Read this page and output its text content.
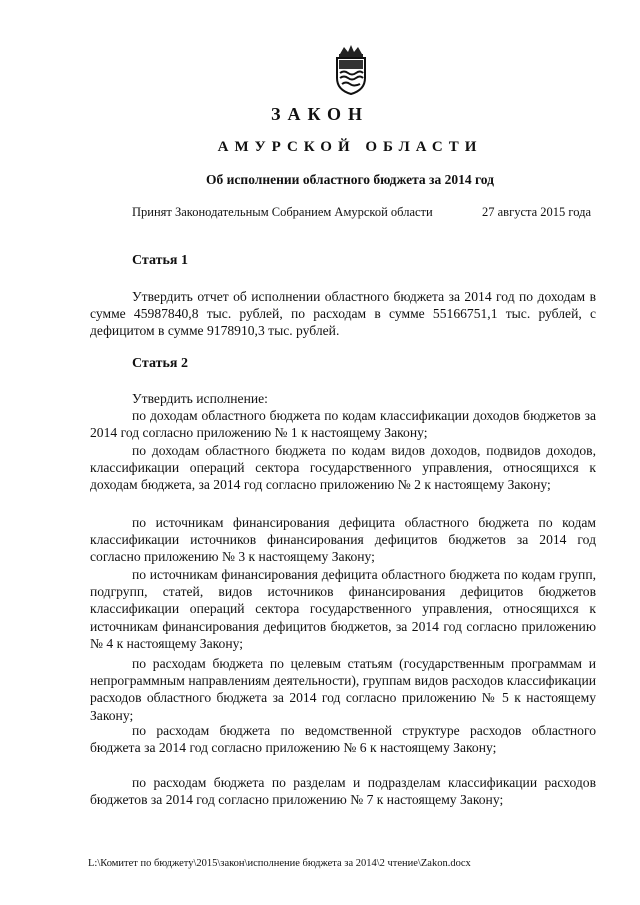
ЗАКОН
АМУРСКОЙ ОБЛАСТИ
Об исполнении областного бюджета за 2014 год
Принят Законодательным Собранием Амурской области	27 августа 2015 года
Статья 1
Утвердить отчет об исполнении областного бюджета за 2014 год по доходам в сумме 45987840,8 тыс. рублей, по расходам в сумме 55166751,1 тыс. рублей, с дефицитом в сумме 9178910,3 тыс. рублей.
Статья 2
Утвердить исполнение:
по доходам областного бюджета по кодам классификации доходов бюджетов за 2014 год согласно приложению № 1 к настоящему Закону;
по доходам областного бюджета по кодам видов доходов, подвидов доходов, классификации операций сектора государственного управления, относящихся к доходам бюджета, за 2014 год согласно приложению № 2 к настоящему Закону;
по источникам финансирования дефицита областного бюджета по кодам классификации источников финансирования дефицитов бюджетов за 2014 год согласно приложению № 3 к настоящему Закону;
по источникам финансирования дефицита областного бюджета по кодам групп, подгрупп, статей, видов источников финансирования дефицитов бюджетов классификации операций сектора государственного управления, относящихся к источникам финансирования дефицитов бюджетов, за 2014 год согласно приложению № 4 к настоящему Закону;
по расходам бюджета по целевым статьям (государственным программам и непрограммным направлениям деятельности), группам видов расходов классификации расходов областного бюджета за 2014 год согласно приложению № 5 к настоящему Закону;
по расходам бюджета по ведомственной структуре расходов областного бюджета за 2014 год согласно приложению № 6 к настоящему Закону;
по расходам бюджета по разделам и подразделам классификации расходов бюджетов за 2014 год согласно приложению № 7 к настоящему Закону;
L:\Комитет по бюджету\2015\закон\исполнение бюджета за 2014\2 чтение\Zakon.docx
